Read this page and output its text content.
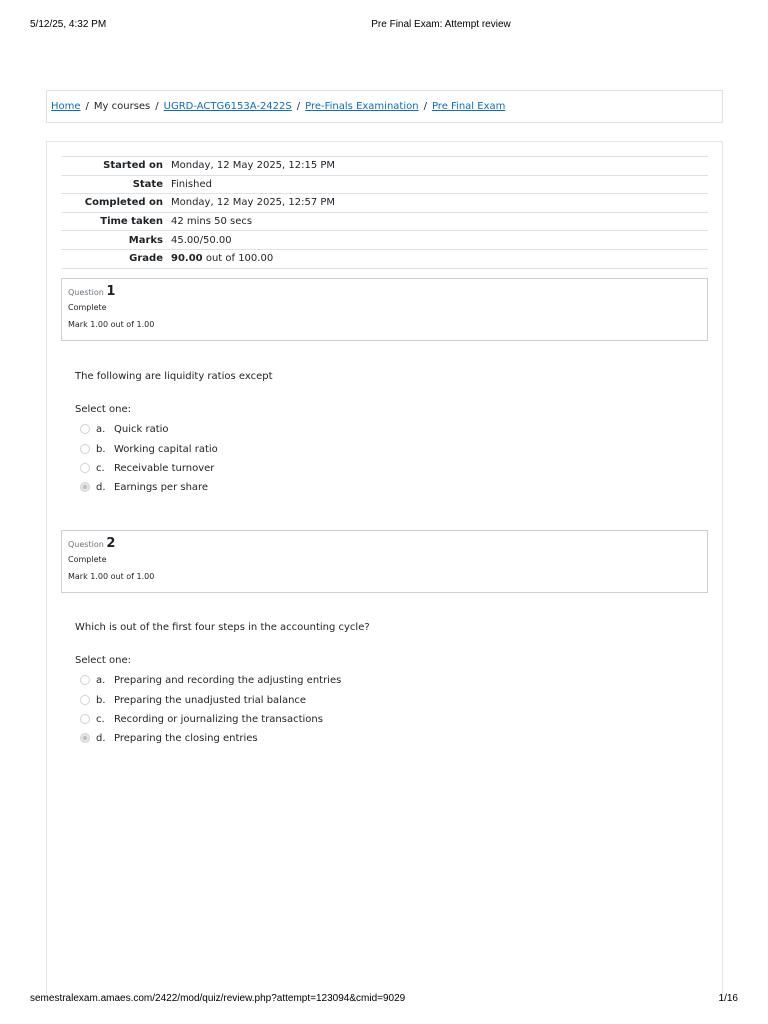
5/12/25, 4:32 PM	Pre Final Exam: Attempt review
Home / My courses / UGRD-ACTG6153A-2422S / Pre-Finals Examination / Pre Final Exam
Started on	Monday, 12 May 2025, 12:15 PM
State	Finished
Completed on	Monday, 12 May 2025, 12:57 PM
Time taken	42 mins 50 secs
Marks	45.00/50.00
Grade	90.00 out of 100.00
Question 1
Complete
Mark 1.00 out of 1.00
The following are liquidity ratios except
Select one:
a. Quick ratio
b. Working capital ratio
c. Receivable turnover
d. Earnings per share
Question 2
Complete
Mark 1.00 out of 1.00
Which is out of the first four steps in the accounting cycle?
Select one:
a. Preparing and recording the adjusting entries
b. Preparing the unadjusted trial balance
c. Recording or journalizing the transactions
d. Preparing the closing entries
semestralexam.amaes.com/2422/mod/quiz/review.php?attempt=123094&cmid=9029	1/16
